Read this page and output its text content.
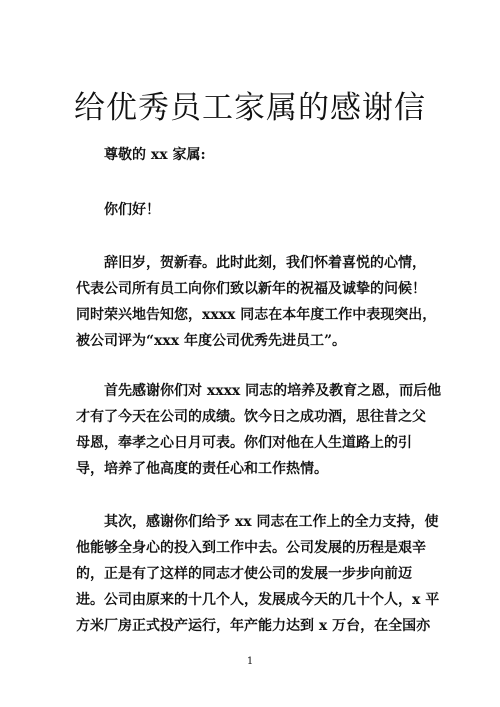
给优秀员工家属的感谢信

尊敬的 xx 家属:

你们好！

辞旧岁，贺新春。此时此刻，我们怀着喜悦的心情，
代表公司所有员工向你们致以新年的祝福及诚挚的问候！
同时荣兴地告知您，xxxx 同志在本年度工作中表现突出，
被公司评为“xxx 年度公司优秀先进员工”。

首先感谢你们对 xxxx 同志的培养及教育之恩，而后他
才有了今天在公司的成绩。饮今日之成功酒，思往昔之父
母恩，奉孝之心日月可表。你们对他在人生道路上的引
导，培养了他高度的责任心和工作热情。

其次，感谢你们给予 xx 同志在工作上的全力支持，使
他能够全身心的投入到工作中去。公司发展的历程是艰辛
的，正是有了这样的同志才使公司的发展一步步向前迈
进。公司由原来的十几个人，发展成今天的几十个人，x 平
方米厂房正式投产运行，年产能力达到 x 万台，在全国亦

1
